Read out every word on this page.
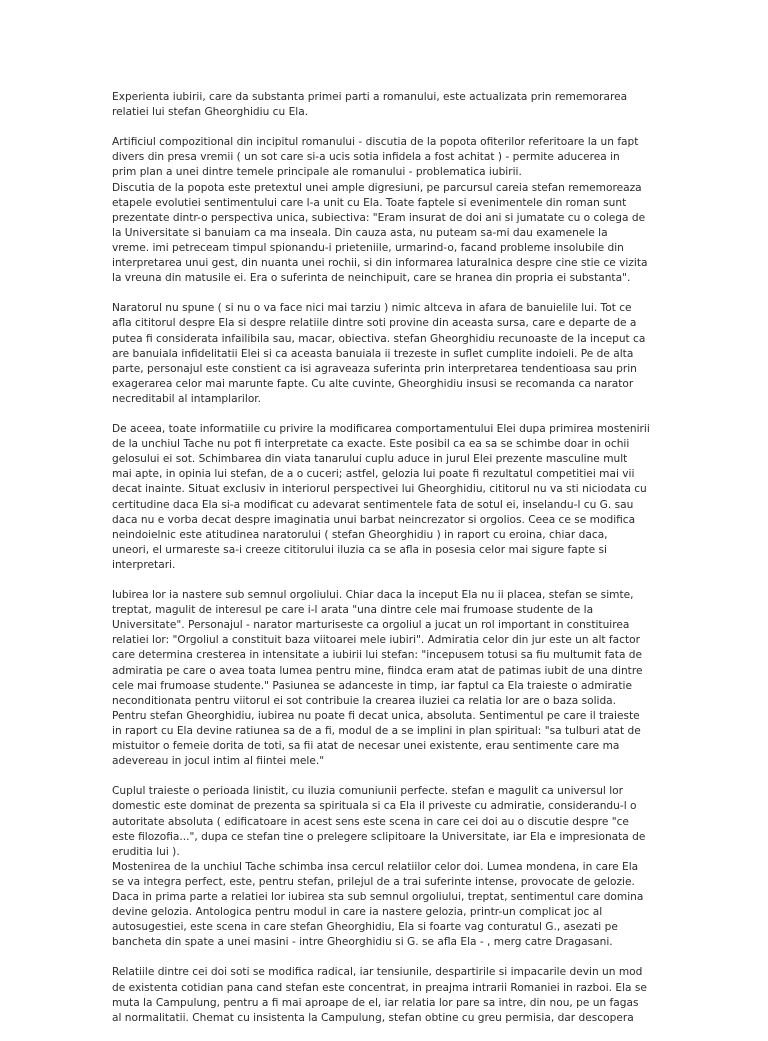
Experienta iubirii, care da substanta primei parti a romanului, este actualizata prin rememorarea
relatiei lui stefan Gheorghidiu cu Ela.
Artificiul compozitional din incipitul romanului - discutia de la popota ofiterilor referitoare la un fapt
divers din presa vremii ( un sot care si-a ucis sotia infidela a fost achitat ) - permite aducerea in
prim plan a unei dintre temele principale ale romanului - problematica iubirii.
Discutia de la popota este pretextul unei ample digresiuni, pe parcursul careia stefan rememoreaza
etapele evolutiei sentimentului care l-a unit cu Ela. Toate faptele si evenimentele din roman sunt
prezentate dintr-o perspectiva unica, subiectiva: "Eram insurat de doi ani si jumatate cu o colega de
la Universitate si banuiam ca ma inseala. Din cauza asta, nu puteam sa-mi dau examenele la
vreme. imi petreceam timpul spionandu-i prieteniile, urmarind-o, facand probleme insolubile din
interpretarea unui gest, din nuanta unei rochii, si din informarea laturalnica despre cine stie ce vizita
la vreuna din matusile ei. Era o suferinta de neinchipuit, care se hranea din propria ei substanta".
Naratorul nu spune ( si nu o va face nici mai tarziu ) nimic altceva in afara de banuielile lui. Tot ce
afla cititorul despre Ela si despre relatiile dintre soti provine din aceasta sursa, care e departe de a
putea fi considerata infailibila sau, macar, obiectiva. stefan Gheorghidiu recunoaste de la inceput ca
are banuiala infidelitatii Elei si ca aceasta banuiala ii trezeste in suflet cumplite indoieli. Pe de alta
parte, personajul este constient ca isi agraveaza suferinta prin interpretarea tendentioasa sau prin
exagerarea celor mai marunte fapte. Cu alte cuvinte, Gheorghidiu insusi se recomanda ca narator
necreditabil al intamplarilor.
De aceea, toate informatiile cu privire la modificarea comportamentului Elei dupa primirea mostenirii
de la unchiul Tache nu pot fi interpretate ca exacte. Este posibil ca ea sa se schimbe doar in ochii
gelosului ei sot. Schimbarea din viata tanarului cuplu aduce in jurul Elei prezente masculine mult
mai apte, in opinia lui stefan, de a o cuceri; astfel, gelozia lui poate fi rezultatul competitiei mai vii
decat inainte. Situat exclusiv in interiorul perspectivei lui Gheorghidiu, cititorul nu va sti niciodata cu
certitudine daca Ela si-a modificat cu adevarat sentimentele fata de sotul ei, inselandu-l cu G. sau
daca nu e vorba decat despre imaginatia unui barbat neincrezator si orgolios. Ceea ce se modifica
neindoielnic este atitudinea naratorului ( stefan Gheorghidiu ) in raport cu eroina, chiar daca,
uneori, el urmareste sa-i creeze cititorului iluzia ca se afla in posesia celor mai sigure fapte si
interpretari.
Iubirea lor ia nastere sub semnul orgoliului. Chiar daca la inceput Ela nu ii placea, stefan se simte,
treptat, magulit de interesul pe care i-l arata "una dintre cele mai frumoase studente de la
Universitate". Personajul - narator marturiseste ca orgoliul a jucat un rol important in constituirea
relatiei lor: "Orgoliul a constituit baza viitoarei mele iubiri". Admiratia celor din jur este un alt factor
care determina cresterea in intensitate a iubirii lui stefan: "incepusem totusi sa fiu multumit fata de
admiratia pe care o avea toata lumea pentru mine, fiindca eram atat de patimas iubit de una dintre
cele mai frumoase studente." Pasiunea se adanceste in timp, iar faptul ca Ela traieste o admiratie
neconditionata pentru viitorul ei sot contribuie la crearea iluziei ca relatia lor are o baza solida.
Pentru stefan Gheorghidiu, iubirea nu poate fi decat unica, absoluta. Sentimentul pe care il traieste
in raport cu Ela devine ratiunea sa de a fi, modul de a se implini in plan spiritual: "sa tulburi atat de
mistuitor o femeie dorita de toti, sa fii atat de necesar unei existente, erau sentimente care ma
adevereau in jocul intim al fiintei mele."
Cuplul traieste o perioada linistit, cu iluzia comuniunii perfecte. stefan e magulit ca universul lor
domestic este dominat de prezenta sa spirituala si ca Ela il priveste cu admiratie, considerandu-l o
autoritate absoluta ( edificatoare in acest sens este scena in care cei doi au o discutie despre "ce
este filozofia...", dupa ce stefan tine o prelegere sclipitoare la Universitate, iar Ela e impresionata de
eruditia lui ).
Mostenirea de la unchiul Tache schimba insa cercul relatiilor celor doi. Lumea mondena, in care Ela
se va integra perfect, este, pentru stefan, prilejul de a trai suferinte intense, provocate de gelozie.
Daca in prima parte a relatiei lor iubirea sta sub semnul orgoliului, treptat, sentimentul care domina
devine gelozia. Antologica pentru modul in care ia nastere gelozia, printr-un complicat joc al
autosugestiei, este scena in care stefan Gheorghidiu, Ela si foarte vag conturatul G., asezati pe
bancheta din spate a unei masini - intre Gheorghidiu si G. se afla Ela - , merg catre Dragasani.
Relatiile dintre cei doi soti se modifica radical, iar tensiunile, despartirile si impacarile devin un mod
de existenta cotidian pana cand stefan este concentrat, in preajma intrarii Romaniei in razboi. Ela se
muta la Campulung, pentru a fi mai aproape de el, iar relatia lor pare sa intre, din nou, pe un fagas
al normalitatii. Chemat cu insistenta la Campulung, stefan obtine cu greu permisia, dar descopera
